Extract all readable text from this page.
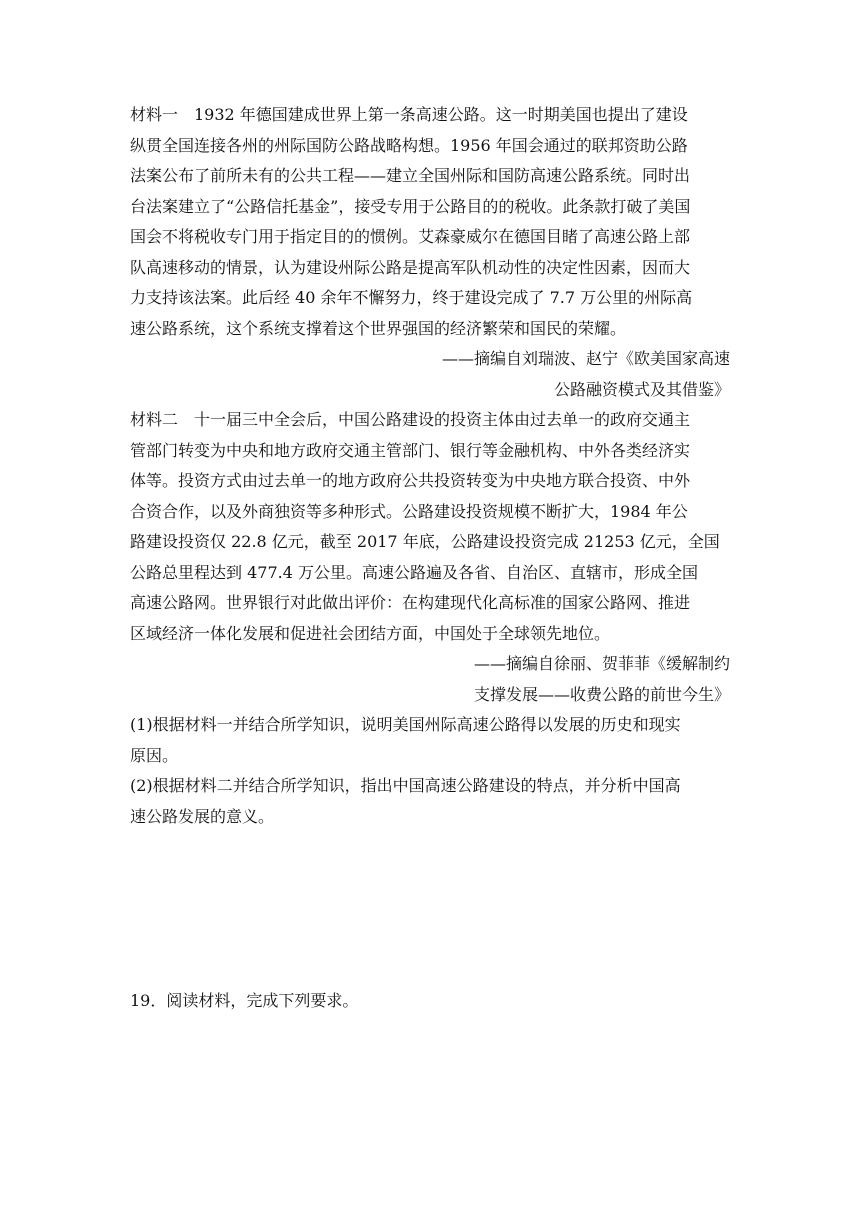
材料一　1932 年德国建成世界上第一条高速公路。这一时期美国也提出了建设
纵贯全国连接各州的州际国防公路战略构想。1956 年国会通过的联邦资助公路
法案公布了前所未有的公共工程——建立全国州际和国防高速公路系统。同时出
台法案建立了“公路信托基金”，接受专用于公路目的的税收。此条款打破了美国
国会不将税收专门用于指定目的的惯例。艾森豪威尔在德国目睹了高速公路上部
队高速移动的情景，认为建设州际公路是提高军队机动性的决定性因素，因而大
力支持该法案。此后经 40 余年不懈努力，终于建设完成了 7.7 万公里的州际高
速公路系统，这个系统支撑着这个世界强国的经济繁荣和国民的荣耀。
——摘编自刘瑞波、赵宁《欧美国家高速
公路融资模式及其借鉴》
材料二　十一届三中全会后，中国公路建设的投资主体由过去单一的政府交通主
管部门转变为中央和地方政府交通主管部门、银行等金融机构、中外各类经济实
体等。投资方式由过去单一的地方政府公共投资转变为中央地方联合投资、中外
合资合作，以及外商独资等多种形式。公路建设投资规模不断扩大，1984 年公
路建设投资仅 22.8 亿元，截至 2017 年底，公路建设投资完成 21253 亿元，全国
公路总里程达到 477.4 万公里。高速公路遍及各省、自治区、直辖市，形成全国
高速公路网。世界银行对此做出评价：在构建现代化高标准的国家公路网、推进
区域经济一体化发展和促进社会团结方面，中国处于全球领先地位。
——摘编自徐丽、贺菲菲《缓解制约
支撑发展——收费公路的前世今生》
(1)根据材料一并结合所学知识，说明美国州际高速公路得以发展的历史和现实
原因。
(2)根据材料二并结合所学知识，指出中国高速公路建设的特点，并分析中国高
速公路发展的意义。
19．阅读材料，完成下列要求。
